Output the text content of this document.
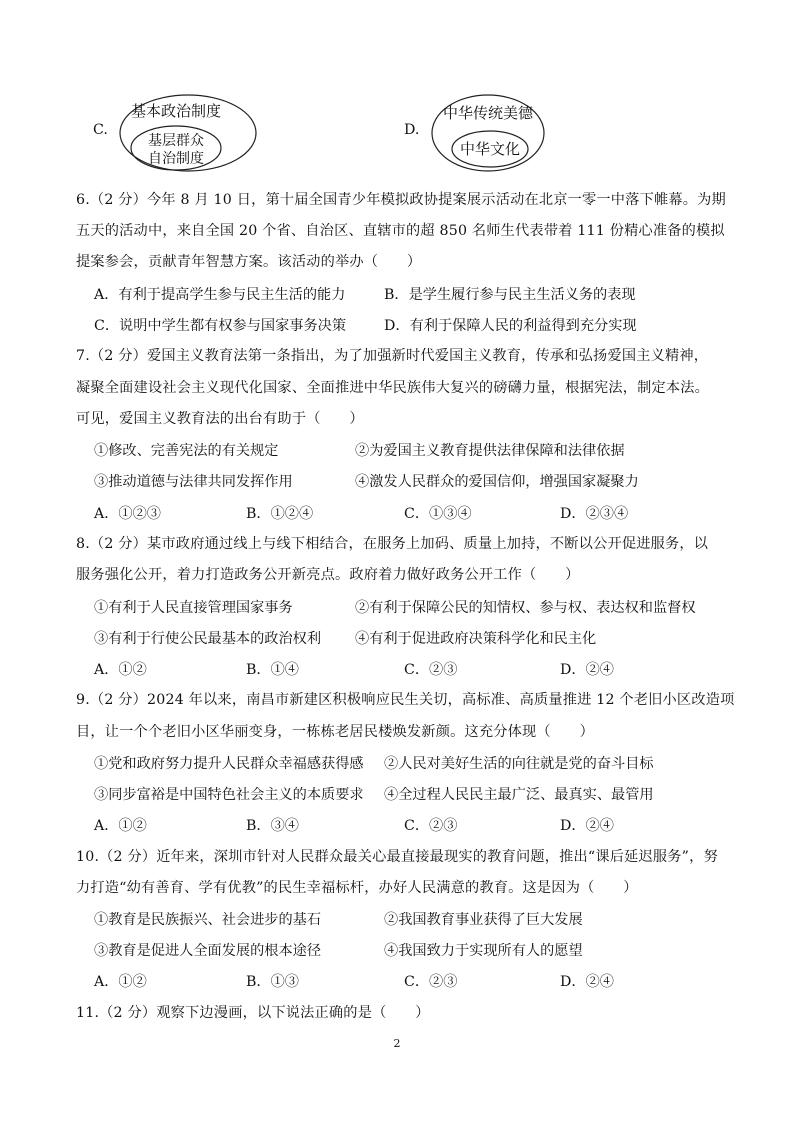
C.
基本政治制度
基层群众
自治制度
D.
中华传统美德
中华文化
6.（2 分）今年 8 月 10 日，第十届全国青少年模拟政协提案展示活动在北京一零一中落下帷幕。为期
五天的活动中，来自全国 20 个省、自治区、直辖市的超 850 名师生代表带着 111 份精心准备的模拟
提案参会，贡献青年智慧方案。该活动的举办（　　）
A．有利于提高学生参与民主生活的能力	B．是学生履行参与民主生活义务的表现
C．说明中学生都有权参与国家事务决策	D．有利于保障人民的利益得到充分实现
7.（2 分）爱国主义教育法第一条指出，为了加强新时代爱国主义教育，传承和弘扬爱国主义精神，
凝聚全面建设社会主义现代化国家、全面推进中华民族伟大复兴的磅礴力量，根据宪法，制定本法。
可见，爱国主义教育法的出台有助于（　　）
①修改、完善宪法的有关规定	②为爱国主义教育提供法律保障和法律依据
③推动道德与法律共同发挥作用	④激发人民群众的爱国信仰，增强国家凝聚力
A．①②③	B．①②④	C．①③④	D．②③④
8.（2 分）某市政府通过线上与线下相结合，在服务上加码、质量上加持，不断以公开促进服务，以
服务强化公开，着力打造政务公开新亮点。政府着力做好政务公开工作（　　）
①有利于人民直接管理国家事务	②有利于保障公民的知情权、参与权、表达权和监督权
③有利于行使公民最基本的政治权利 ④有利于促进政府决策科学化和民主化
A．①②	B．①④	C．②③	D．②④
9.（2 分）2024 年以来，南昌市新建区积极响应民生关切，高标准、高质量推进 12 个老旧小区改造项
目，让一个个老旧小区华丽变身，一栋栋老居民楼焕发新颜。这充分体现（　　）
①党和政府努力提升人民群众幸福感获得感 ②人民对美好生活的向往就是党的奋斗目标
③同步富裕是中国特色社会主义的本质要求 ④全过程人民民主最广泛、最真实、最管用
A．①②	B．③④	C．②③	D．②④
10.（2 分）近年来，深圳市针对人民群众最关心最直接最现实的教育问题，推出“课后延迟服务”，努
力打造“幼有善育、学有优教”的民生幸福标杆，办好人民满意的教育。这是因为（　　）
①教育是民族振兴、社会进步的基石	②我国教育事业获得了巨大发展
③教育是促进人全面发展的根本途径	④我国致力于实现所有人的愿望
A．①②	B．①③	C．②③	D．②④
11.（2 分）观察下边漫画，以下说法正确的是（　　）
2
